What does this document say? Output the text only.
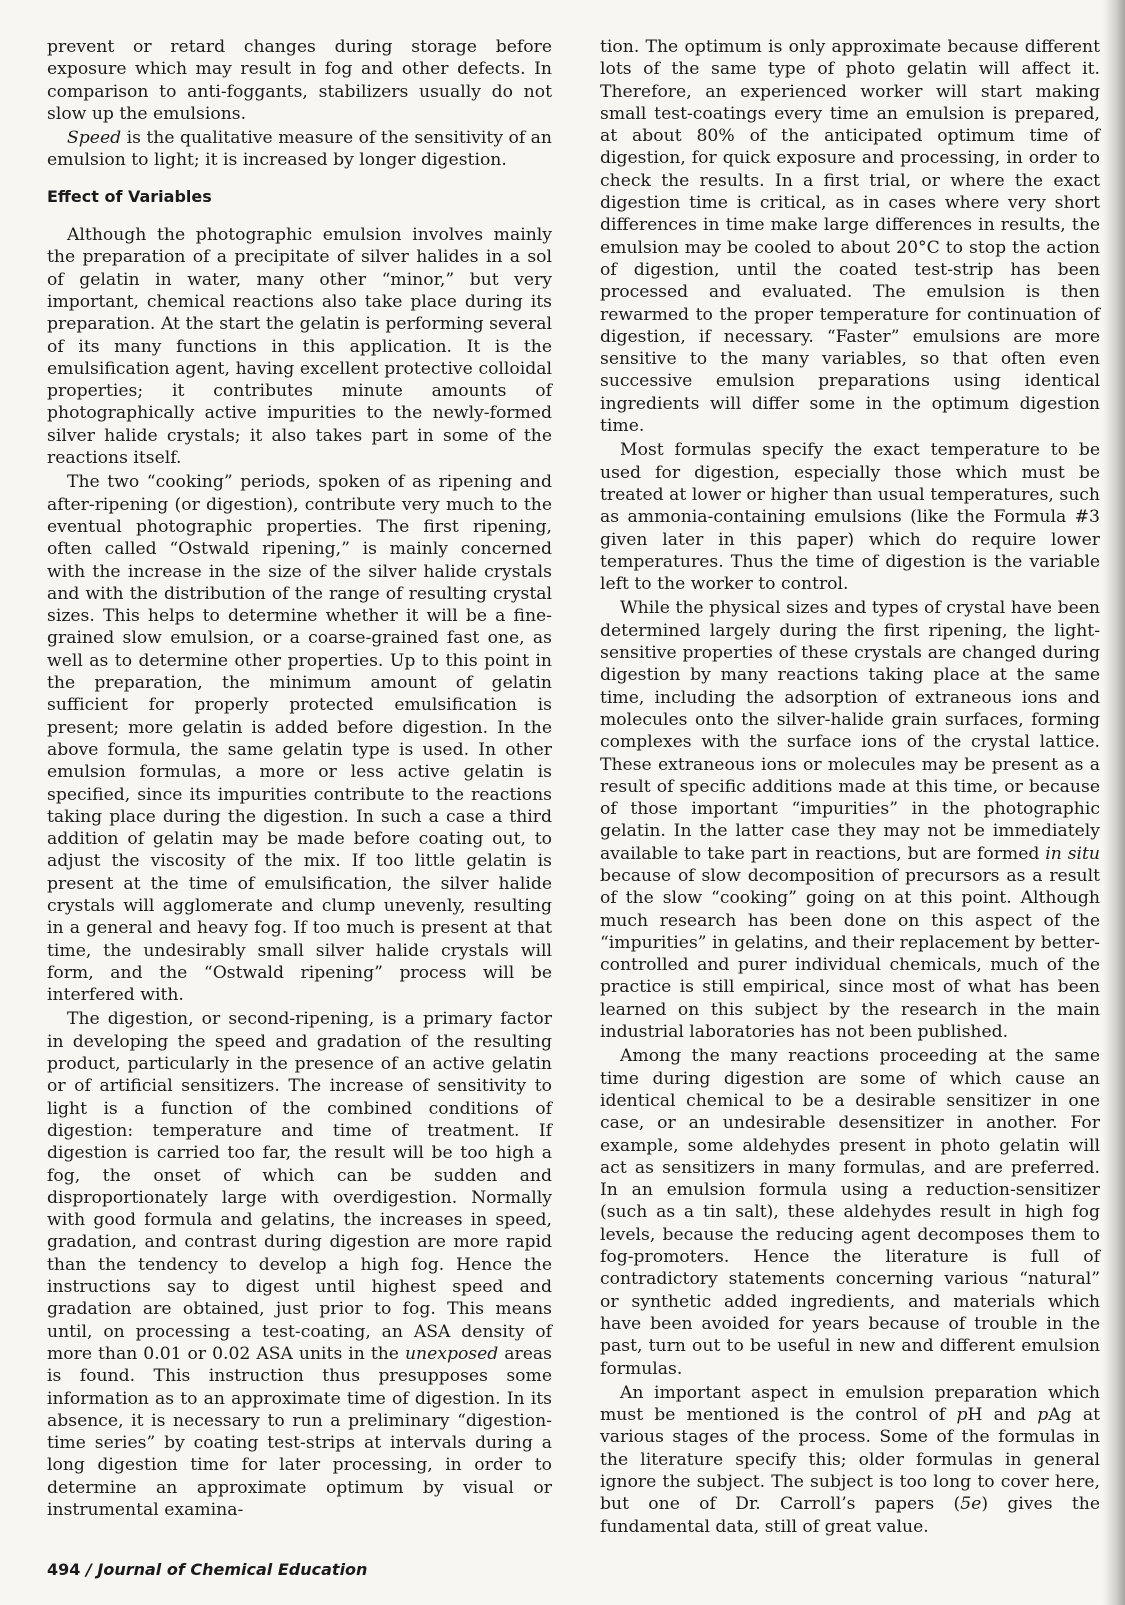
prevent or retard changes during storage before exposure which may result in fog and other defects. In comparison to anti-foggants, stabilizers usually do not slow up the emulsions.

Speed is the qualitative measure of the sensitivity of an emulsion to light; it is increased by longer digestion.

Effect of Variables

Although the photographic emulsion involves mainly the preparation of a precipitate of silver halides in a sol of gelatin in water, many other “minor,” but very important, chemical reactions also take place during its preparation. At the start the gelatin is performing several of its many functions in this application. It is the emulsification agent, having excellent protective colloidal properties; it contributes minute amounts of photographically active impurities to the newly-formed silver halide crystals; it also takes part in some of the reactions itself.

The two “cooking” periods, spoken of as ripening and after-ripening (or digestion), contribute very much to the eventual photographic properties. The first ripening, often called “Ostwald ripening,” is mainly concerned with the increase in the size of the silver halide crystals and with the distribution of the range of resulting crystal sizes. This helps to determine whether it will be a fine-grained slow emulsion, or a coarse-grained fast one, as well as to determine other properties. Up to this point in the preparation, the minimum amount of gelatin sufficient for properly protected emulsification is present; more gelatin is added before digestion. In the above formula, the same gelatin type is used. In other emulsion formulas, a more or less active gelatin is specified, since its impurities contribute to the reactions taking place during the digestion. In such a case a third addition of gelatin may be made before coating out, to adjust the viscosity of the mix. If too little gelatin is present at the time of emulsification, the silver halide crystals will agglomerate and clump unevenly, resulting in a general and heavy fog. If too much is present at that time, the undesirably small silver halide crystals will form, and the “Ostwald ripening” process will be interfered with.

The digestion, or second-ripening, is a primary factor in developing the speed and gradation of the resulting product, particularly in the presence of an active gelatin or of artificial sensitizers. The increase of sensitivity to light is a function of the combined conditions of digestion: temperature and time of treatment. If digestion is carried too far, the result will be too high a fog, the onset of which can be sudden and disproportionately large with overdigestion. Normally with good formula and gelatins, the increases in speed, gradation, and contrast during digestion are more rapid than the tendency to develop a high fog. Hence the instructions say to digest until highest speed and gradation are obtained, just prior to fog. This means until, on processing a test-coating, an ASA density of more than 0.01 or 0.02 ASA units in the unexposed areas is found. This instruction thus presupposes some information as to an approximate time of digestion. In its absence, it is necessary to run a preliminary “digestion-time series” by coating test-strips at intervals during a long digestion time for later processing, in order to determine an approximate optimum by visual or instrumental examina-

tion. The optimum is only approximate because different lots of the same type of photo gelatin will affect it. Therefore, an experienced worker will start making small test-coatings every time an emulsion is prepared, at about 80% of the anticipated optimum time of digestion, for quick exposure and processing, in order to check the results. In a first trial, or where the exact digestion time is critical, as in cases where very short differences in time make large differences in results, the emulsion may be cooled to about 20°C to stop the action of digestion, until the coated test-strip has been processed and evaluated. The emulsion is then rewarmed to the proper temperature for continuation of digestion, if necessary. “Faster” emulsions are more sensitive to the many variables, so that often even successive emulsion preparations using identical ingredients will differ some in the optimum digestion time.

Most formulas specify the exact temperature to be used for digestion, especially those which must be treated at lower or higher than usual temperatures, such as ammonia-containing emulsions (like the Formula #3 given later in this paper) which do require lower temperatures. Thus the time of digestion is the variable left to the worker to control.

While the physical sizes and types of crystal have been determined largely during the first ripening, the light-sensitive properties of these crystals are changed during digestion by many reactions taking place at the same time, including the adsorption of extraneous ions and molecules onto the silver-halide grain surfaces, forming complexes with the surface ions of the crystal lattice. These extraneous ions or molecules may be present as a result of specific additions made at this time, or because of those important “impurities” in the photographic gelatin. In the latter case they may not be immediately available to take part in reactions, but are formed in situ because of slow decomposition of precursors as a result of the slow “cooking” going on at this point. Although much research has been done on this aspect of the “impurities” in gelatins, and their replacement by better-controlled and purer individual chemicals, much of the practice is still empirical, since most of what has been learned on this subject by the research in the main industrial laboratories has not been published.

Among the many reactions proceeding at the same time during digestion are some of which cause an identical chemical to be a desirable sensitizer in one case, or an undesirable desensitizer in another. For example, some aldehydes present in photo gelatin will act as sensitizers in many formulas, and are preferred. In an emulsion formula using a reduction-sensitizer (such as a tin salt), these aldehydes result in high fog levels, because the reducing agent decomposes them to fog-promoters. Hence the literature is full of contradictory statements concerning various “natural” or synthetic added ingredients, and materials which have been avoided for years because of trouble in the past, turn out to be useful in new and different emulsion formulas.

An important aspect in emulsion preparation which must be mentioned is the control of pH and pAg at various stages of the process. Some of the formulas in the literature specify this; older formulas in general ignore the subject. The subject is too long to cover here, but one of Dr. Carroll’s papers (5e) gives the fundamental data, still of great value.

494 / Journal of Chemical Education
